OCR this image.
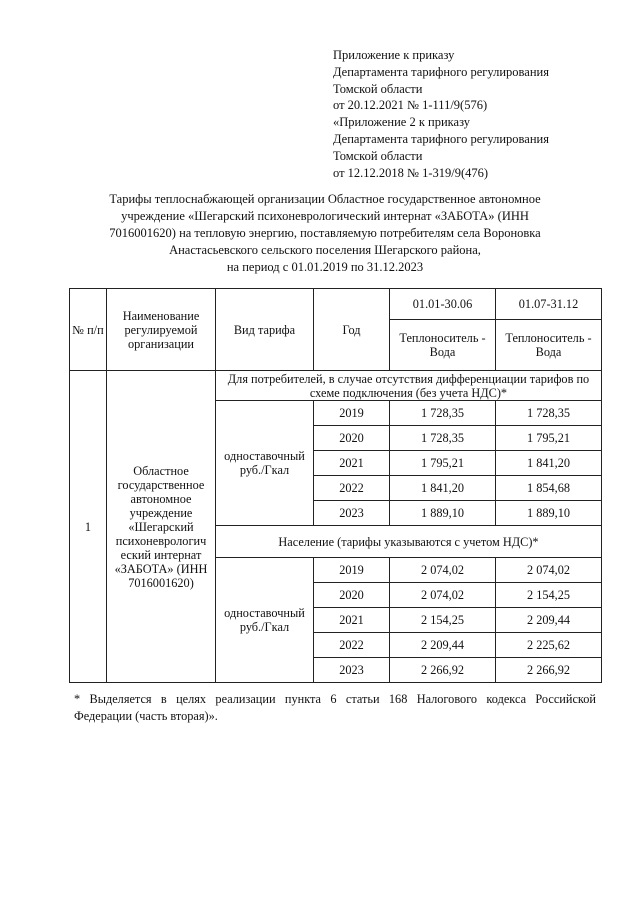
Приложение к приказу
Департамента тарифного регулирования
Томской области
от 20.12.2021 № 1-111/9(576)
«Приложение 2 к приказу
Департамента тарифного регулирования
Томской области
от 12.12.2018 № 1-319/9(476)
Тарифы теплоснабжающей организации Областное государственное автономное
учреждение «Шегарский психоневрологический интернат «ЗАБОТА» (ИНН
7016001620) на тепловую энергию, поставляемую потребителям села Вороновка
Анастасьевского сельского поселения Шегарского района,
на период с 01.01.2019 по 31.12.2023
№ п/п	Наименование регулируемой организации	Вид тарифа	Год	01.01-30.06	01.07-31.12
				Теплоноситель - Вода	Теплоноситель - Вода
1	Областное государственное автономное учреждение «Шегарский психоневрологич еский интернат «ЗАБОТА» (ИНН 7016001620)	Для потребителей, в случае отсутствия дифференциации тарифов по схеме подключения (без учета НДС)*			
		одноставочный руб./Гкал	2019	1 728,35	1 728,35
			2020	1 728,35	1 795,21
			2021	1 795,21	1 841,20
			2022	1 841,20	1 854,68
			2023	1 889,10	1 889,10
		Население (тарифы указываются с учетом НДС)*			
		одноставочный руб./Гкал	2019	2 074,02	2 074,02
			2020	2 074,02	2 154,25
			2021	2 154,25	2 209,44
			2022	2 209,44	2 225,62
			2023	2 266,92	2 266,92
* Выделяется в целях реализации пункта 6 статьи 168 Налогового кодекса Российской
Федерации (часть вторая)».
